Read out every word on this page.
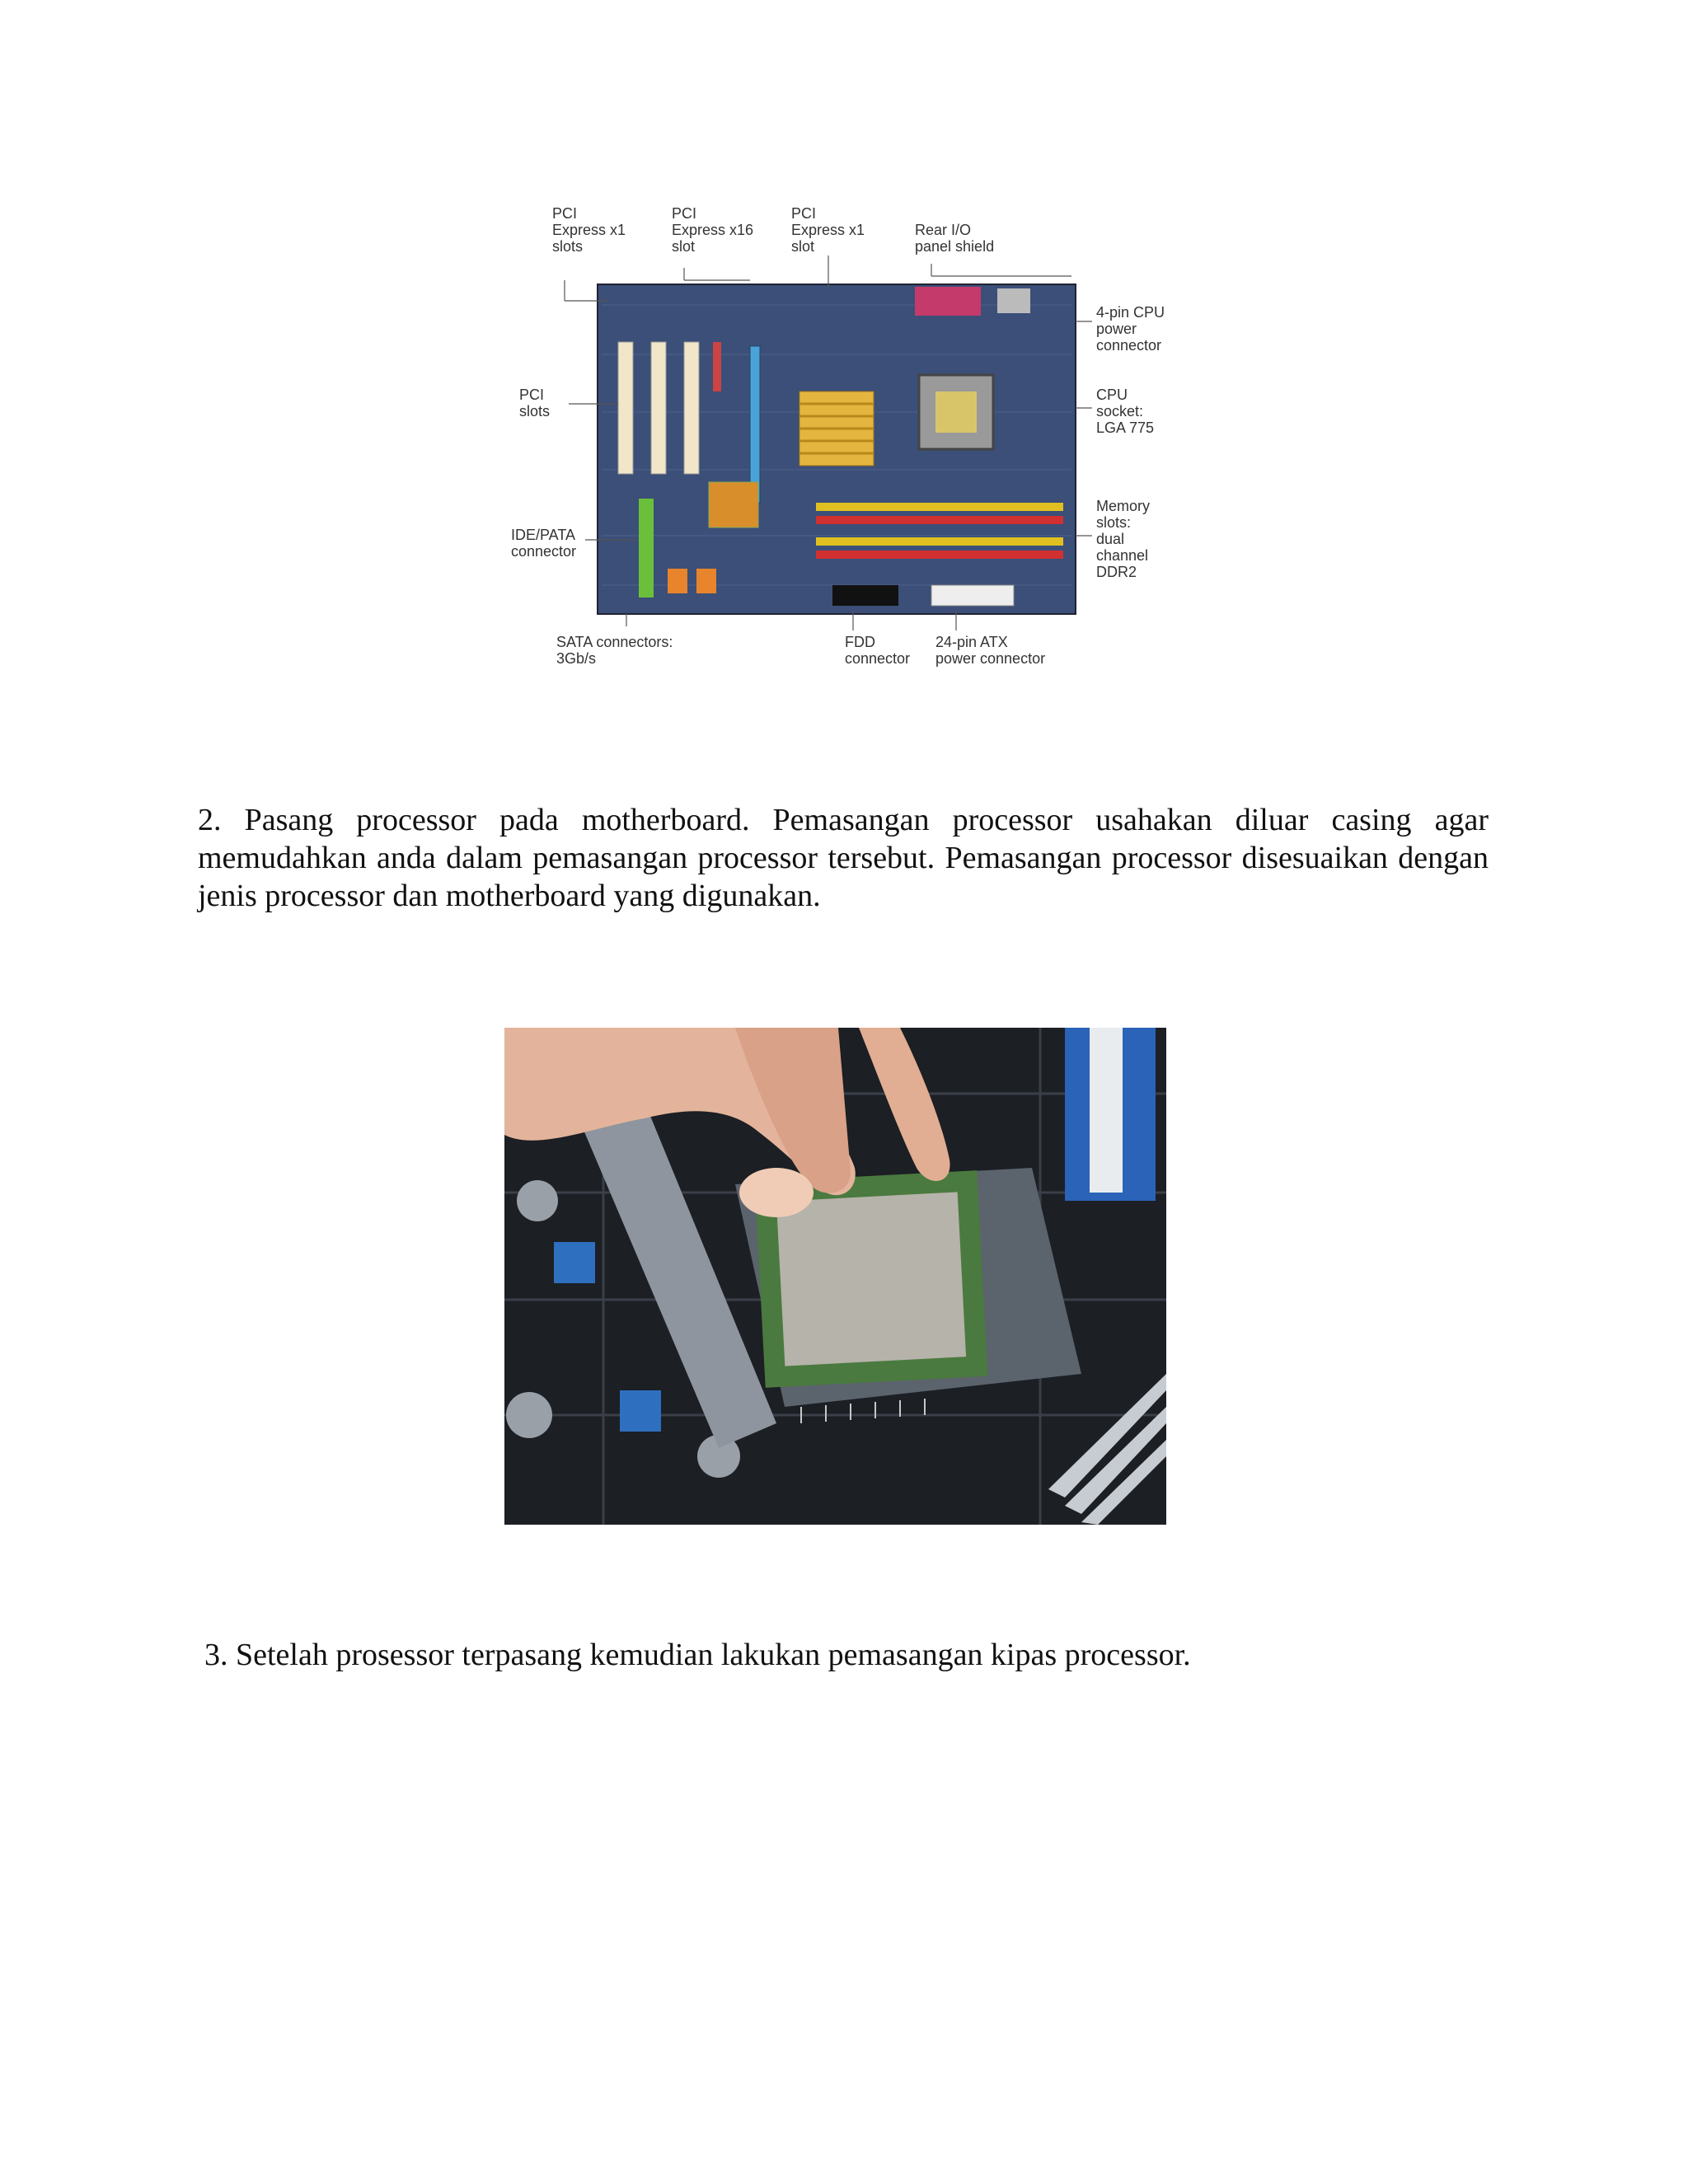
PCI Express x1 slots
PCI Express x16 slot
PCI Express x1 slot
Rear I/O panel shield
4-pin CPU power connector
PCI slots
CPU socket: LGA 775
IDE/PATA connector
Memory slots: dual channel DDR2
SATA connectors: 3Gb/s
FDD connector
24-pin ATX power connector

2. Pasang processor pada motherboard. Pemasangan processor usahakan diluar casing agar memudahkan anda dalam pemasangan processor tersebut. Pemasangan processor disesuaikan dengan jenis processor dan motherboard yang digunakan.

3. Setelah prosessor terpasang kemudian lakukan pemasangan kipas processor.
